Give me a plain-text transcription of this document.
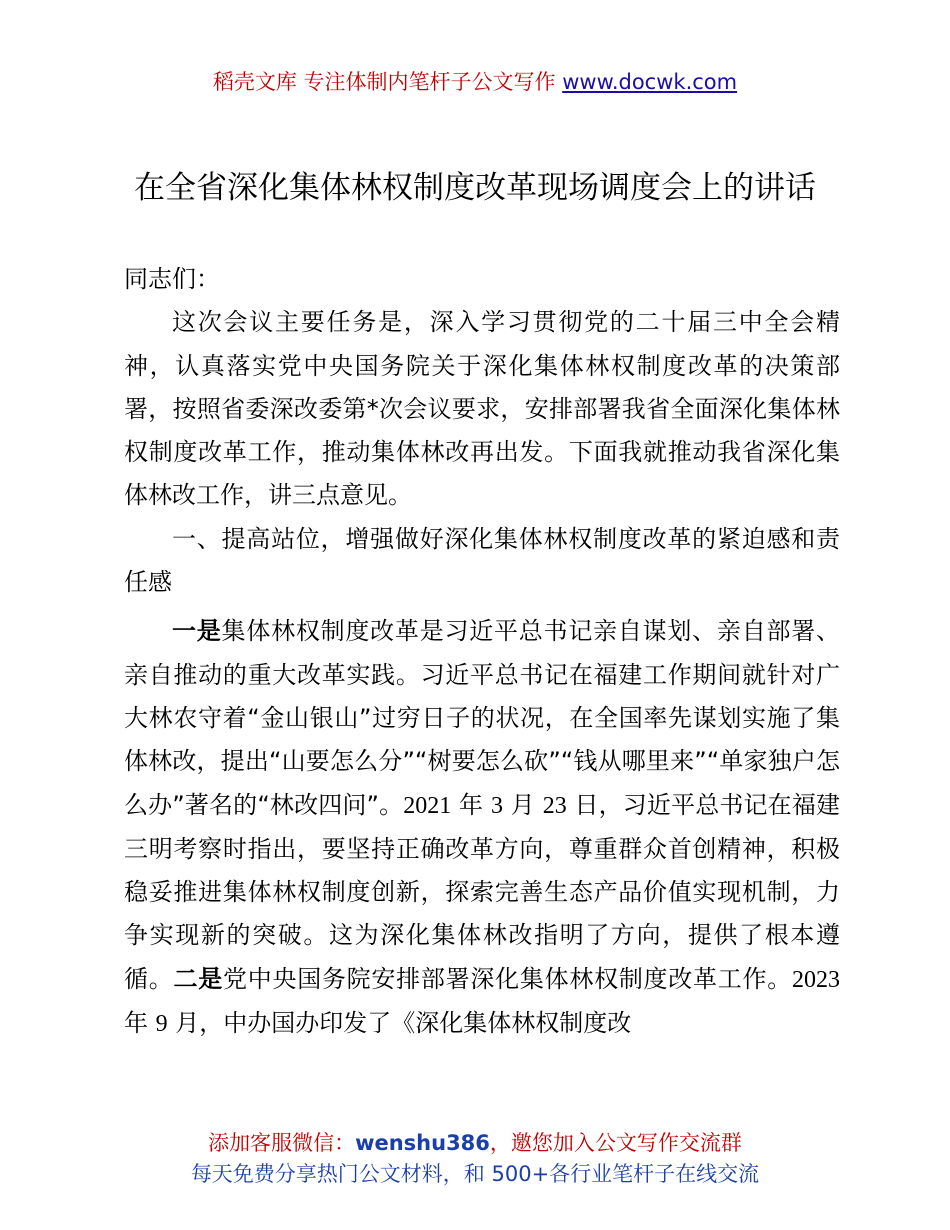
稻壳文库 专注体制内笔杆子公文写作 www.docwk.com
在全省深化集体林权制度改革现场调度会上的讲话

同志们：

这次会议主要任务是，深入学习贯彻党的二十届三中全会精神，认真落实党中央国务院关于深化集体林权制度改革的决策部署，按照省委深改委第*次会议要求，安排部署我省全面深化集体林权制度改革工作，推动集体林改再出发。下面我就推动我省深化集体林改工作，讲三点意见。

一、提高站位，增强做好深化集体林权制度改革的紧迫感和责任感

一是集体林权制度改革是习近平总书记亲自谋划、亲自部署、亲自推动的重大改革实践。习近平总书记在福建工作期间就针对广大林农守着“金山银山”过穷日子的状况，在全国率先谋划实施了集体林改，提出“山要怎么分”“树要怎么砍”“钱从哪里来”“单家独户怎么办”著名的“林改四问”。2021 年 3 月 23 日，习近平总书记在福建三明考察时指出，要坚持正确改革方向，尊重群众首创精神，积极稳妥推进集体林权制度创新，探索完善生态产品价值实现机制，力争实现新的突破。这为深化集体林改指明了方向，提供了根本遵循。二是党中央国务院安排部署深化集体林权制度改革工作。2023 年 9 月，中办国办印发了《深化集体林权制度改

添加客服微信：wenshu386，邀您加入公文写作交流群
每天免费分享热门公文材料，和 500+各行业笔杆子在线交流
